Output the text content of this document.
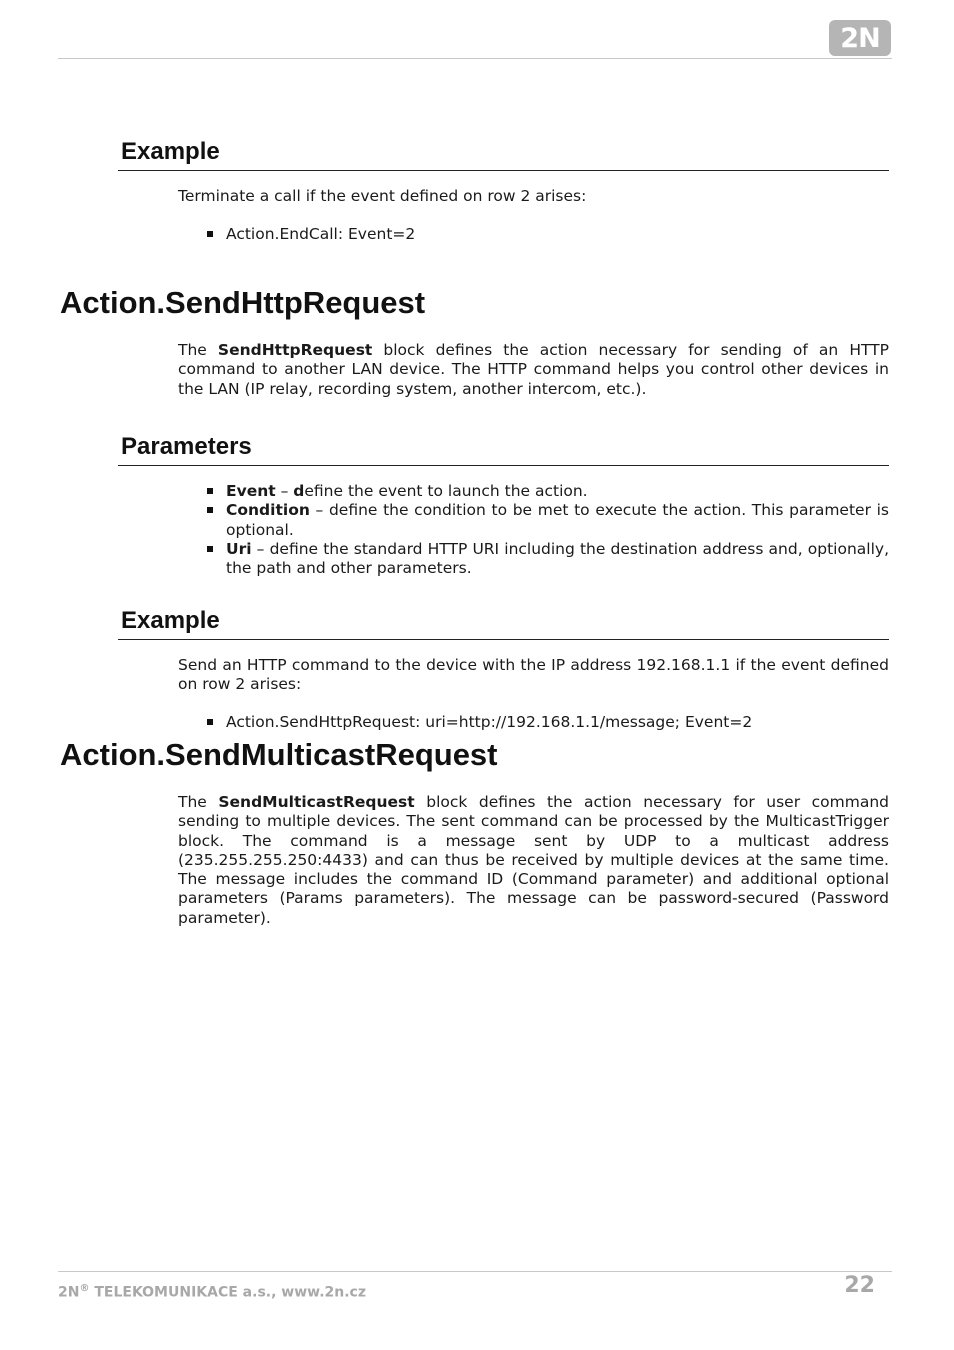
2N
Example

Terminate a call if the event defined on row 2 arises:

Action.EndCall: Event=2
Action.SendHttpRequest

The SendHttpRequest block defines the action necessary for sending of an HTTP command to another LAN device. The HTTP command helps you control other devices in the LAN (IP relay, recording system, another intercom, etc.).

Parameters
Event – define the event to launch the action.
Condition – define the condition to be met to execute the action. This parameter is optional.
Uri – define the standard HTTP URI including the destination address and, optionally, the path and other parameters.
Example

Send an HTTP command to the device with the IP address 192.168.1.1 if the event defined on row 2 arises:

Action.SendHttpRequest: uri=http://192.168.1.1/message; Event=2
Action.SendMulticastRequest

The SendMulticastRequest block defines the action necessary for user command sending to multiple devices. The sent command can be processed by the MulticastTrigger block. The command is a message sent by UDP to a multicast address (235.255.255.250:4433) and can thus be received by multiple devices at the same time. The message includes the command ID (Command parameter) and additional optional parameters (Params parameters). The message can be password-secured (Password parameter).

2N® TELEKOMUNIKACE a.s., www.2n.cz	22
